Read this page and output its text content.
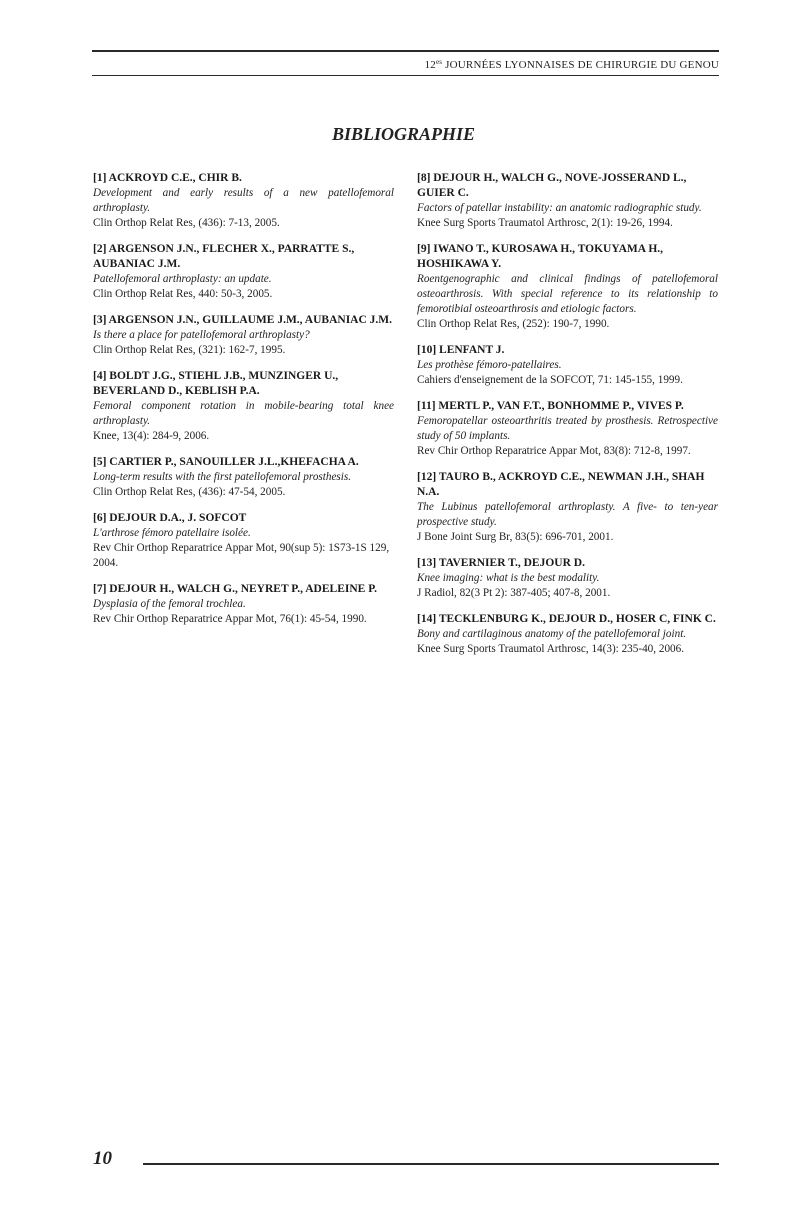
$12^{es}$ JOURNÉES LYONNAISES DE CHIRURGIE DU GENOU
BIBLIOGRAPHIE
[1] ACKROYD C.E., CHIR B.
Development and early results of a new patellofemoral arthroplasty.
Clin Orthop Relat Res, (436): 7-13, 2005.
[2] ARGENSON J.N., FLECHER X., PARRATTE S., AUBANIAC J.M.
Patellofemoral arthroplasty: an update.
Clin Orthop Relat Res, 440: 50-3, 2005.
[3] ARGENSON J.N., GUILLAUME J.M., AUBANIAC J.M.
Is there a place for patellofemoral arthroplasty?
Clin Orthop Relat Res, (321): 162-7, 1995.
[4] BOLDT J.G., STIEHL J.B., MUNZINGER U., BEVERLAND D., KEBLISH P.A.
Femoral component rotation in mobile-bearing total knee arthroplasty.
Knee, 13(4): 284-9, 2006.
[5] CARTIER P., SANOUILLER J.L.,KHEFACHA A.
Long-term results with the first patellofemoral prosthesis.
Clin Orthop Relat Res, (436): 47-54, 2005.
[6] DEJOUR D.A., J. SOFCOT
L'arthrose fémoro patellaire isolée.
Rev Chir Orthop Reparatrice Appar Mot, 90(sup 5): 1S73-1S 129, 2004.
[7] DEJOUR H., WALCH G., NEYRET P., ADELEINE P.
Dysplasia of the femoral trochlea.
Rev Chir Orthop Reparatrice Appar Mot, 76(1): 45-54, 1990.
[8] DEJOUR H., WALCH G., NOVE-JOSSERAND L., GUIER C.
Factors of patellar instability: an anatomic radiographic study.
Knee Surg Sports Traumatol Arthrosc, 2(1): 19-26, 1994.
[9] IWANO T., KUROSAWA H., TOKUYAMA H., HOSHIKAWA Y.
Roentgenographic and clinical findings of patellofemoral osteoarthrosis. With special reference to its relationship to femorotibial osteoarthrosis and etiologic factors.
Clin Orthop Relat Res, (252): 190-7, 1990.
[10] LENFANT J.
Les prothèse fémoro-patellaires.
Cahiers d'enseignement de la SOFCOT, 71: 145-155, 1999.
[11] MERTL P., VAN F.T., BONHOMME P., VIVES P.
Femoropatellar osteoarthritis treated by prosthesis. Retrospective study of 50 implants.
Rev Chir Orthop Reparatrice Appar Mot, 83(8): 712-8, 1997.
[12] TAURO B., ACKROYD C.E., NEWMAN J.H., SHAH N.A.
The Lubinus patellofemoral arthroplasty. A five- to ten-year prospective study.
J Bone Joint Surg Br, 83(5): 696-701, 2001.
[13] TAVERNIER T., DEJOUR D.
Knee imaging: what is the best modality.
J Radiol, 82(3 Pt 2): 387-405; 407-8, 2001.
[14] TECKLENBURG K., DEJOUR D., HOSER C, FINK C.
Bony and cartilaginous anatomy of the patellofemoral joint.
Knee Surg Sports Traumatol Arthrosc, 14(3): 235-40, 2006.
10
